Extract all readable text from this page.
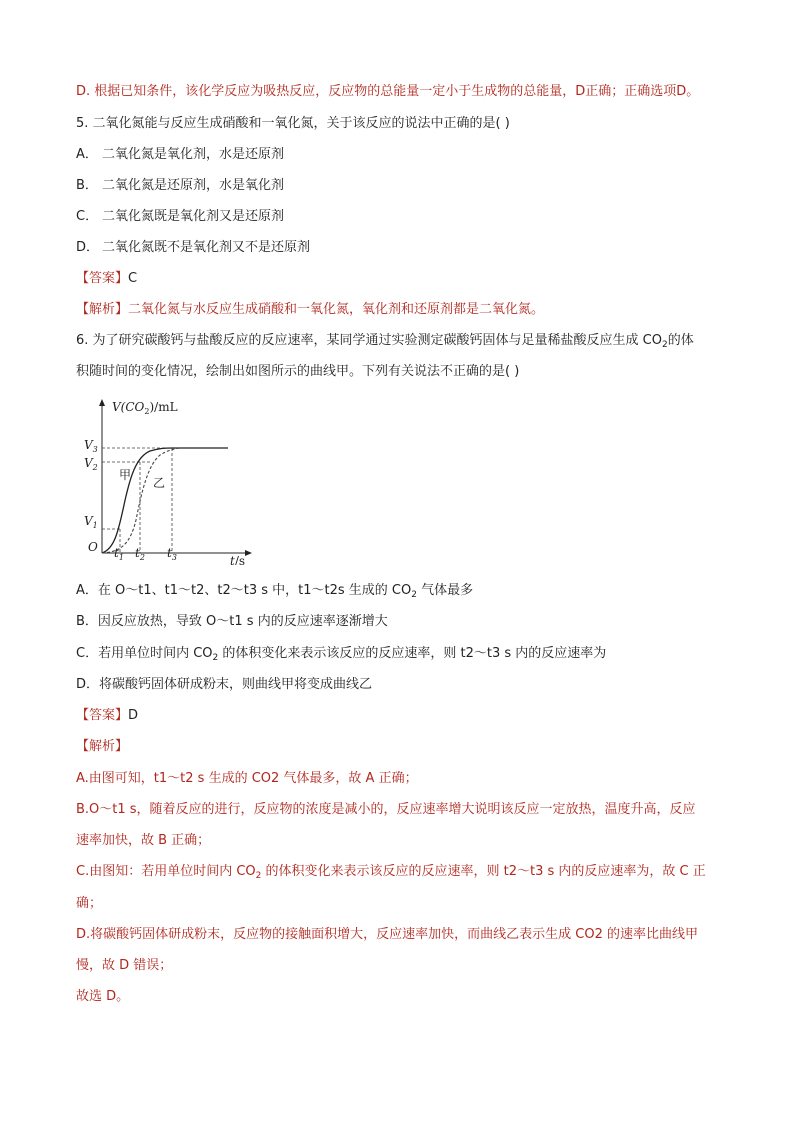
D. 根据已知条件，该化学反应为吸热反应，反应物的总能量一定小于生成物的总能量，D正确；正确选项D。
5. 二氧化氮能与反应生成硝酸和一氧化氮，关于该反应的说法中正确的是( )
A． 二氧化氮是氧化剂，水是还原剂
B． 二氧化氮是还原剂，水是氧化剂
C． 二氧化氮既是氧化剂又是还原剂
D． 二氧化氮既不是氧化剂又不是还原剂
【答案】C
【解析】二氧化氮与水反应生成硝酸和一氧化氮，氧化剂和还原剂都是二氧化氮。
6. 为了研究碳酸钙与盐酸反应的反应速率，某同学通过实验测定碳酸钙固体与足量稀盐酸反应生成 $CO_2$的体
积随时间的变化情况，绘制出如图所示的曲线甲。下列有关说法不正确的是( )
$V(CO_2)/mL$
t/s
O
$V_3$
$V_2$
$V_1$
甲
乙
$t_1$ $t_2$ $t_3$
A．在 O～t1、t1～t2、t2～t3 s 中，t1～t2s 生成的 $CO_2$ 气体最多
B．因反应放热，导致 O～t1 s 内的反应速率逐渐增大
C．若用单位时间内 $CO_2$ 的体积变化来表示该反应的反应速率，则 t2～t3 s 内的反应速率为
D．将碳酸钙固体研成粉末，则曲线甲将变成曲线乙
【答案】D
【解析】
A.由图可知，t1～t2 s 生成的 CO2 气体最多，故 A 正确；
B.O～t1 s，随着反应的进行，反应物的浓度是减小的，反应速率增大说明该反应一定放热，温度升高，反应
速率加快，故 B 正确；
C.由图知：若用单位时间内 $CO_2$ 的体积变化来表示该反应的反应速率，则 t2～t3 s 内的反应速率为，故 C 正
确；
D.将碳酸钙固体研成粉末，反应物的接触面积增大，反应速率加快，而曲线乙表示生成 CO2 的速率比曲线甲
慢，故 D 错误；
故选 D。
